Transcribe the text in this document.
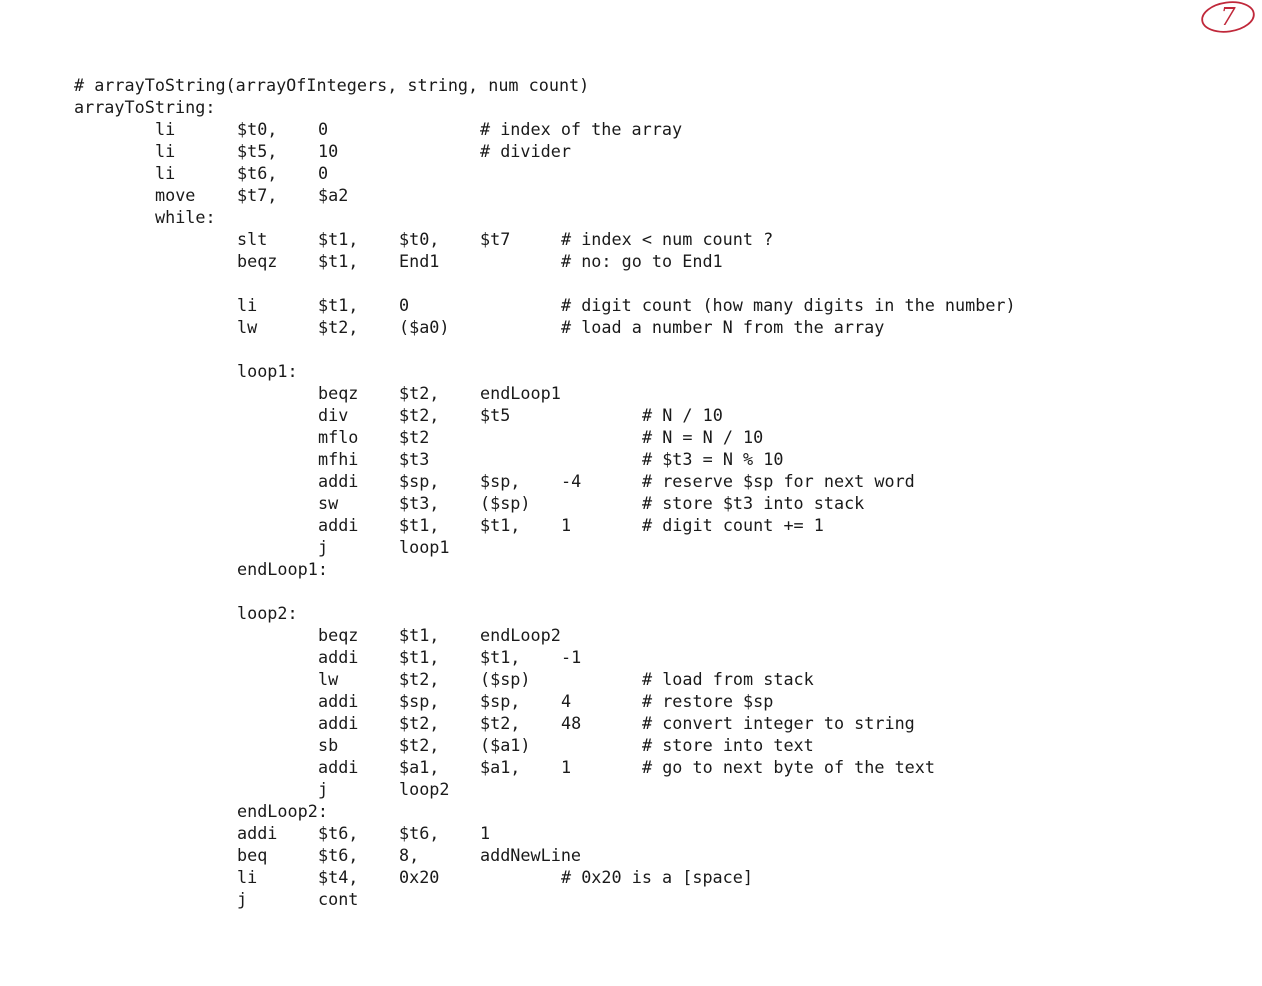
# arrayToString(arrayOfIntegers, string, num count)
arrayToString:
li	$t0, 0	# index of the array
li	$t5, 10	# divider
li	$t6, 0
move $t7, $a2
while:
slt	$t1, $t0, $t7	# index < num count ?
beqz $t1, End1	# no: go to End1
li	$t1, 0	# digit count (how many digits in the number)
lw	$t2, ($a0)	# load a number N from the array
loop1:
beqz $t2, endLoop1
div	$t2, $t5	# N / 10
mflo $t2	# N = N / 10
mfhi $t3	# $t3 = N % 10
addi $sp, $sp, -4	# reserve $sp for next word
sw	$t3, ($sp)	# store $t3 into stack
addi $t1, $t1, 1	# digit count += 1
j	loop1
endLoop1:
loop2:
beqz $t1, endLoop2
addi $t1, $t1, -1
lw	$t2, ($sp)	# load from stack
addi $sp, $sp, 4	# restore $sp
addi $t2, $t2, 48	# convert integer to string
sb	$t2, ($a1)	# store into text
addi $a1, $a1, 1	# go to next byte of the text
j	loop2
endLoop2:
addi $t6, $t6, 1
beq	$t6, 8,	addNewLine
li	$t4, 0x20	# 0x20 is a [space]
j	cont
7
